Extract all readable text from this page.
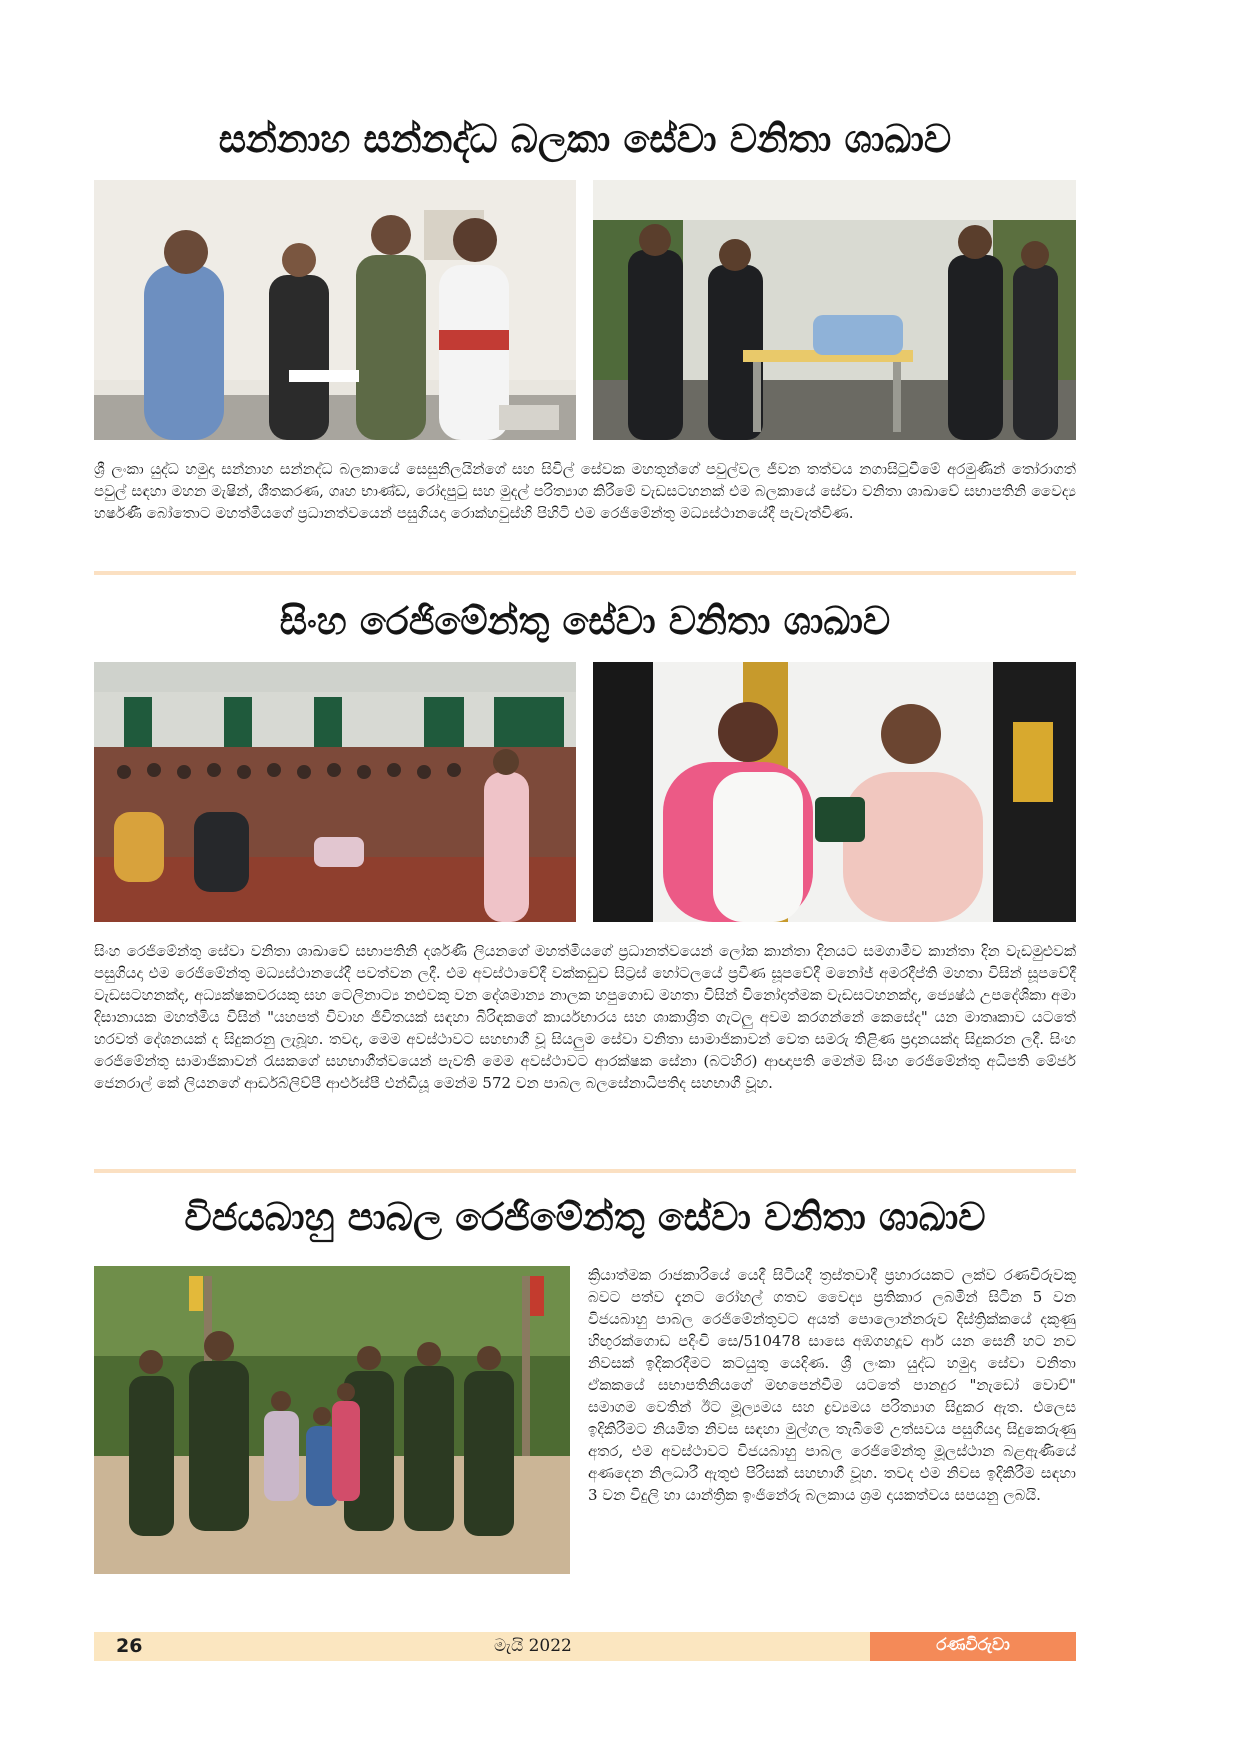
සන්නාහ සන්නද්ධ බලකා සේවා වනිතා ශාඛාව

ශ්‍රී ලංකා යුද්ධ හමුදා සන්නාහ සන්නද්ධ බලකායේ සෙසුනිලයින්ගේ සහ සිවිල් සේවක මහතුන්ගේ පවුල්වල ජීවන තත්වය නගාසිටුවීමේ අරමුණින් තෝරාගත් පවුල් සඳහා මහන මැෂින්, ශීතකරණ, ගෘහ භාණ්ඩ, රෝදපුටු සහ මුදල් පරිත්‍යාග කිරීමේ වැඩසටහනක් එම බලකායේ සේවා වනිතා ශාඛාවේ සභාපතිනි වෛද්‍ය හර්ෂණී බෝතොට මහත්මියගේ ප්‍රධානත්වයෙන් පසුගියදා රොක්හවුස්හි පිහිටි එම රෙජිමේන්තු මධ්‍යස්ථානයේදී පැවැත්විණ.

සිංහ රෙජිමේන්තු සේවා වනිතා ශාඛාව

සිංහ රෙජිමේන්තු සේවා වනිතා ශාඛාවේ සභාපතිනි දර්ශණී ලියනගේ මහත්මියගේ ප්‍රධානත්වයෙන් ලෝක කාන්තා දිනයට සමගාමීව කාන්තා දින වැඩමුළුවක් පසුගියදා එම රෙජිමේන්තු මධ්‍යස්ථානයේදී පවත්වන ලදී. එම අවස්ථාවේදී වක්කඩුව සිට්‍රස් හෝටලයේ ප්‍රවීණ සූපවේදී මනෝජ් අමරදීප්ති මහතා විසින් සූපවේදී වැඩසටහනක්ද, අධ්‍යක්ෂකවරයකු සහ ටෙලිනාට්‍ය නළුවකු වන දේශමාන්‍ය නාලක හපුගොඩ මහතා විසින් විනෝදාත්මක වැඩසටහනක්ද, ජ්‍යෙෂ්ඨ උපදේශිකා අමා දිසානායක මහත්මිය විසින් "යහපත් විවාහ ජීවිතයක් සඳහා බිරිඳකගේ කාර්යභාරය සහ ශාකාශ්‍රිත ගැටලු අවම කරගන්නේ කෙසේද" යන මාතෘකාව යටතේ හරවත් දේශනයක් ද සිදුකරනු ලැබූහ. තවද, මෙම අවස්ථාවට සහභාගී වූ සියලුම සේවා වනිතා සාමාජිකාවන් වෙත සමරු තිළිණ ප්‍රදානයක්ද සිදුකරන ලදී. සිංහ රෙජිමේන්තු සාමාජිකාවන් රැසකගේ සහභාගීත්වයෙන් පැවති මෙම අවස්ථාවට ආරක්ෂක සේනා (බටහිර) ආඥාපති මෙන්ම සිංහ රෙජිමේන්තු අධිපති මේජර් ජෙනරාල් කේ ලියනගේ ආර්ඩබ්ලිව්පී ආර්එස්පී එන්ඩීයූ මෙන්ම 572 වන පාබල බලසේනාධිපතිද සහභාගී වූහ.

විජයබාහු පාබල රෙජිමේන්තු සේවා වනිතා ශාඛාව

ක්‍රියාත්මක රාජකාරියේ යෙදී සිටියදී ත්‍රස්තවාදී ප්‍රහාරයකට ලක්ව රණවිරුවකු බවට පත්ව දැනට රෝහල් ගතව වෛද්‍ය ප්‍රතිකාර ලබමින් සිටින 5 වන විජයබාහු පාබල රෙජිමේන්තුවට අයත් පොලොන්නරුව දිස්ත්‍රික්කයේ දකුණු හිඟුරක්ගොඩ පදිංචි සෙ/510478 සාසෙ අඹගහදූව ආර් යන සෙනී හට නව නිවසක් ඉදිකරදීමට කටයුතු යෙදිණ. ශ්‍රී ලංකා යුද්ධ හමුදා සේවා වනිතා ඒකකයේ සභාපතිනියගේ මඟපෙන්වීම යටතේ පානදුර "නැඩෝ වොච්" සමාගම වෙතින් ඊට මූල්‍යමය සහ ද්‍රව්‍යමය පරිත්‍යාග සිදුකර ඇත. එලෙස ඉදිකිරීමට නියමිත නිවස සඳහා මුල්ගල තැබීමේ උත්සවය පසුගියදා සිදුකෙරුණු අතර, එම අවස්ථාවට විජයබාහු පාබල රෙජිමේන්තු මූලස්ථාන බළඇණියේ අණදෙන නිලධාරී ඇතුළු පිරිසක් සහභාගී වූහ. තවද එම නිවස ඉදිකිරීම සඳහා 3 වන විදුලි හා යාන්ත්‍රික ඉංජිනේරු බලකාය ශ්‍රම දායකත්වය සපයනු ලබයි.

26	මැයි 2022	රණවිරුවා
